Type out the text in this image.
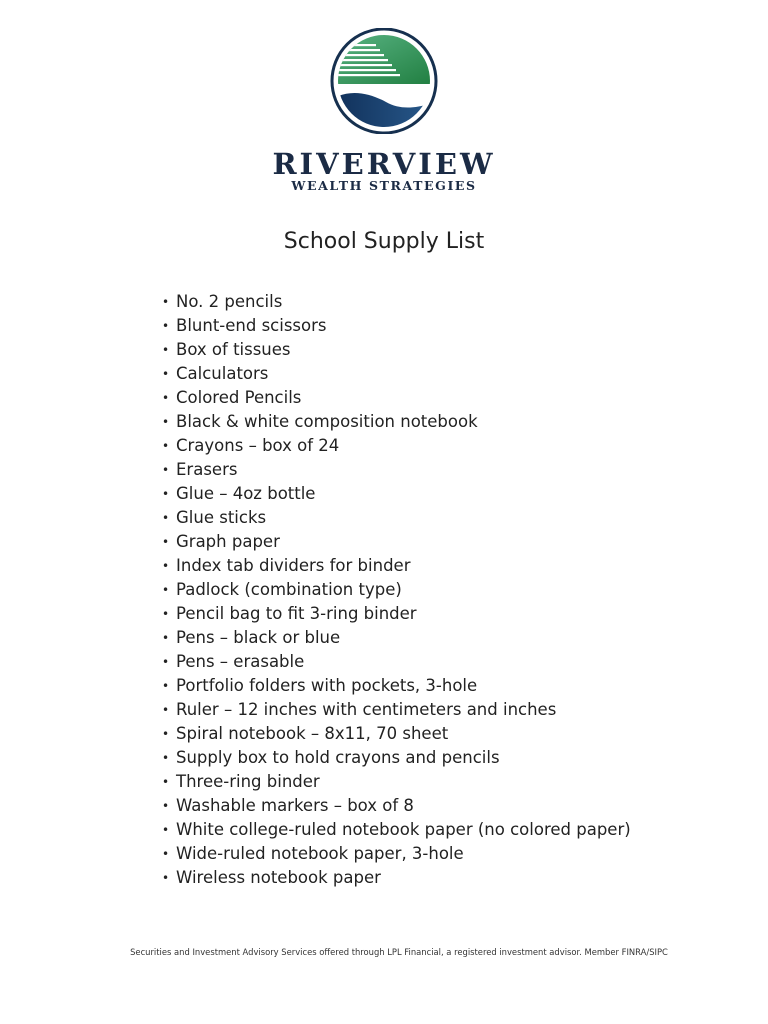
RIVERVIEW
WEALTH STRATEGIES
School Supply List
• No. 2 pencils
• Blunt-end scissors
• Box of tissues
• Calculators
• Colored Pencils
• Black & white composition notebook
• Crayons – box of 24
• Erasers
• Glue – 4oz bottle
• Glue sticks
• Graph paper
• Index tab dividers for binder
• Padlock (combination type)
• Pencil bag to fit 3-ring binder
• Pens – black or blue
• Pens – erasable
• Portfolio folders with pockets, 3-hole
• Ruler – 12 inches with centimeters and inches
• Spiral notebook – 8x11, 70 sheet
• Supply box to hold crayons and pencils
• Three-ring binder
• Washable markers – box of 8
• White college-ruled notebook paper (no colored paper)
• Wide-ruled notebook paper, 3-hole
• Wireless notebook paper
Securities and Investment Advisory Services offered through LPL Financial, a registered investment advisor. Member FINRA/SIPC
